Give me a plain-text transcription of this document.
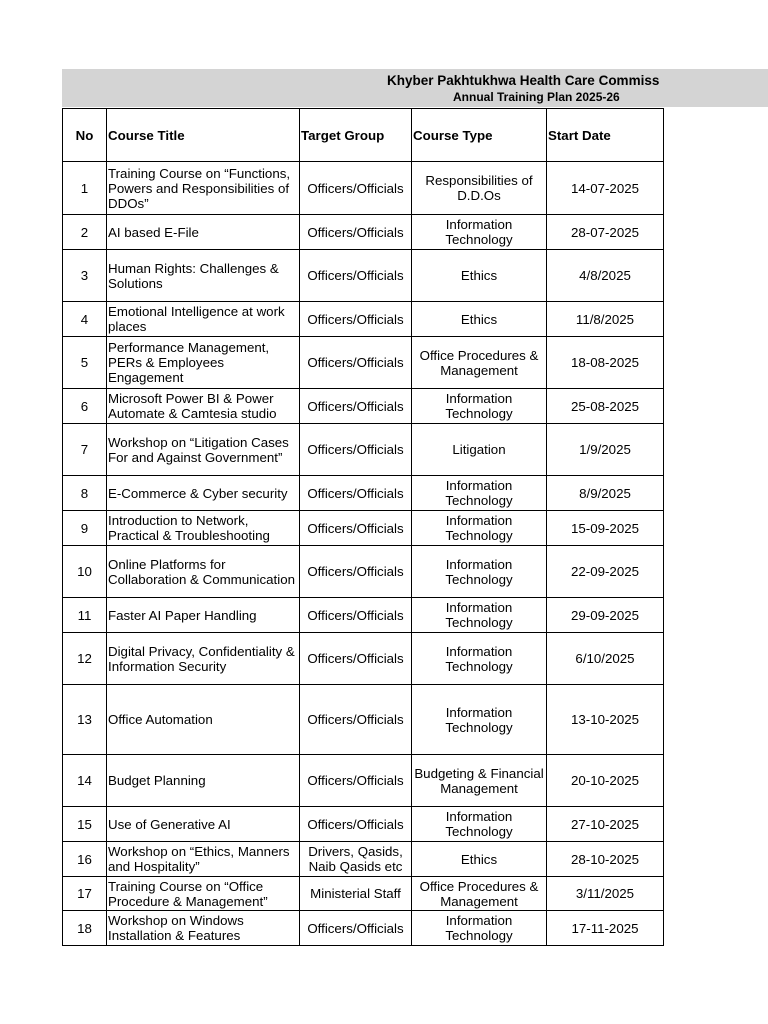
Khyber Pakhtukhwa Health Care Commiss
Annual Training Plan 2025-26
No	Course Title	Target Group	Course Type	Start Date
1	Training Course on “Functions, Powers and Responsibilities of DDOs”	Officers/Officials	Responsibilities of D.D.Os	14-07-2025
2	AI based E-File	Officers/Officials	Information Technology	28-07-2025
3	Human Rights: Challenges & Solutions	Officers/Officials	Ethics	4/8/2025
4	Emotional Intelligence at work places	Officers/Officials	Ethics	11/8/2025
5	Performance Management, PERs & Employees Engagement	Officers/Officials	Office Procedures & Management	18-08-2025
6	Microsoft Power BI & Power Automate & Camtesia studio	Officers/Officials	Information Technology	25-08-2025
7	Workshop on “Litigation Cases For and Against Government”	Officers/Officials	Litigation	1/9/2025
8	E-Commerce & Cyber security	Officers/Officials	Information Technology	8/9/2025
9	Introduction to Network, Practical & Troubleshooting	Officers/Officials	Information Technology	15-09-2025
10	Online Platforms for Collaboration & Communication	Officers/Officials	Information Technology	22-09-2025
11	Faster AI Paper Handling	Officers/Officials	Information Technology	29-09-2025
12	Digital Privacy, Confidentiality & Information Security	Officers/Officials	Information Technology	6/10/2025
13	Office Automation	Officers/Officials	Information Technology	13-10-2025
14	Budget Planning	Officers/Officials	Budgeting & Financial Management	20-10-2025
15	Use of Generative AI	Officers/Officials	Information Technology	27-10-2025
16	Workshop on “Ethics, Manners and Hospitality”	Drivers, Qasids, Naib Qasids etc	Ethics	28-10-2025
17	Training Course on “Office Procedure & Management”	Ministerial Staff	Office Procedures & Management	3/11/2025
18	Workshop on Windows Installation & Features	Officers/Officials	Information Technology	17-11-2025
